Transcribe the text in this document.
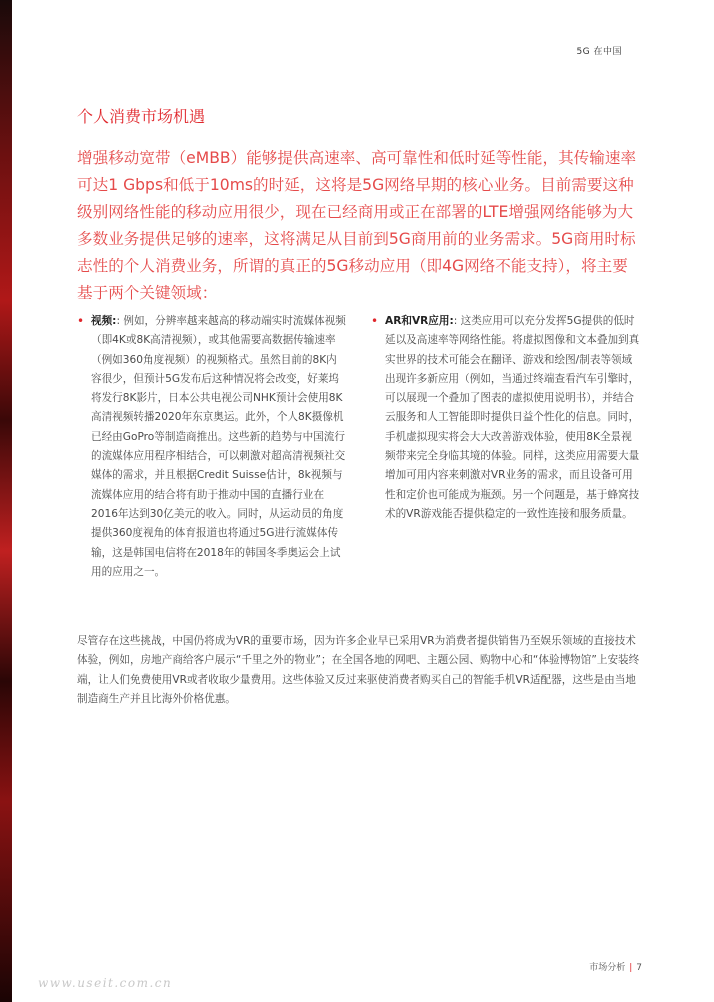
5G 在中国
个人消费市场机遇

增强移动宽带（eMBB）能够提供高速率、高可靠性和低时延等性能，其传输速率可达1 Gbps和低于10ms的时延，这将是5G网络早期的核心业务。目前需要这种级别网络性能的移动应用很少，现在已经商用或正在部署的LTE增强网络能够为大多数业务提供足够的速率，这将满足从目前到5G商用前的业务需求。5G商用时标志性的个人消费业务，所谓的真正的5G移动应用（即4G网络不能支持），将主要基于两个关键领域：

• 视频:: 例如，分辨率越来越高的移动端实时流媒体视频（即4K或8K高清视频），或其他需要高数据传输速率（例如360角度视频）的视频格式。虽然目前的8K内容很少，但预计5G发布后这种情况将会改变，好莱坞将发行8K影片，日本公共电视公司NHK预计会使用8K高清视频转播2020年东京奥运。此外，个人8K摄像机已经由GoPro等制造商推出。这些新的趋势与中国流行的流媒体应用程序相结合，可以刺激对超高清视频社交媒体的需求，并且根据Credit Suisse估计，8k视频与流媒体应用的结合将有助于推动中国的直播行业在2016年达到30亿美元的收入。同时，从运动员的角度提供360度视角的体育报道也将通过5G进行流媒体传输，这是韩国电信将在2018年的韩国冬季奥运会上试用的应用之一。
• AR和VR应用:: 这类应用可以充分发挥5G提供的低时延以及高速率等网络性能。将虚拟图像和文本叠加到真实世界的技术可能会在翻译、游戏和绘图/制表等领域出现许多新应用（例如，当通过终端查看汽车引擎时，可以展现一个叠加了图表的虚拟使用说明书），并结合云服务和人工智能即时提供日益个性化的信息。同时，手机虚拟现实将会大大改善游戏体验，使用8K全景视频带来完全身临其境的体验。同样，这类应用需要大量增加可用内容来刺激对VR业务的需求，而且设备可用性和定价也可能成为瓶颈。另一个问题是，基于蜂窝技术的VR游戏能否提供稳定的一致性连接和服务质量。

尽管存在这些挑战，中国仍将成为VR的重要市场，因为许多企业早已采用VR为消费者提供销售乃至娱乐领域的直接技术体验，例如，房地产商给客户展示“千里之外的物业”；在全国各地的网吧、主题公园、购物中心和“体验博物馆”上安装终端，让人们免费使用VR或者收取少量费用。这些体验又反过来驱使消费者购买自己的智能手机VR适配器，这些是由当地制造商生产并且比海外价格优惠。

www.useit.com.cn
市场分析 | 7
